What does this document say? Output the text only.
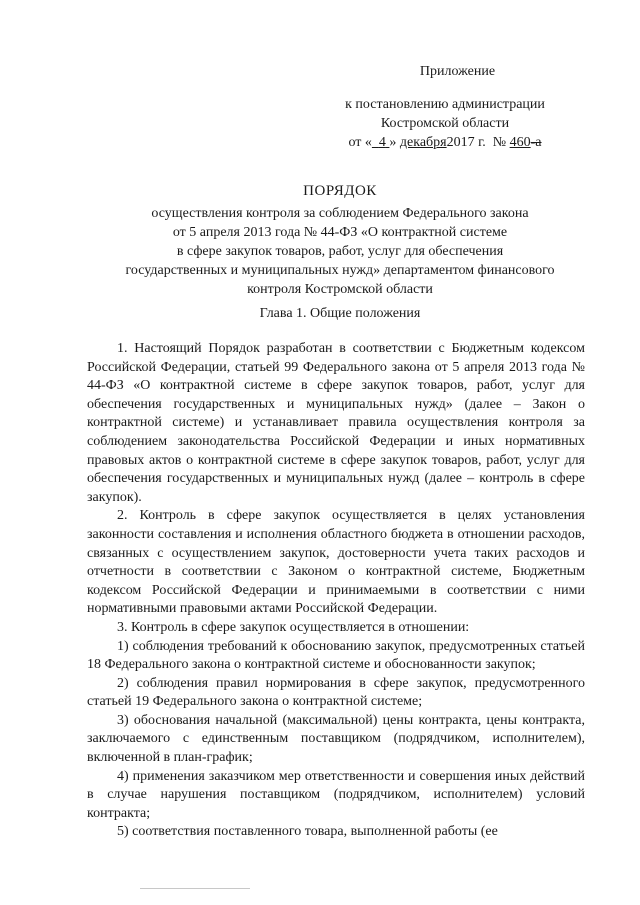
Приложение
к постановлению администрации
Костромской области
от « 4 » декабря2017 г. № 460-а
ПОРЯДОК
осуществления контроля за соблюдением Федерального закона
от 5 апреля 2013 года № 44-ФЗ «О контрактной системе
в сфере закупок товаров, работ, услуг для обеспечения
государственных и муниципальных нужд» департаментом финансового
контроля Костромской области
Глава 1. Общие положения

1. Настоящий Порядок разработан в соответствии с Бюджетным кодексом Российской Федерации, статьей 99 Федерального закона от 5 апреля 2013 года № 44-ФЗ «О контрактной системе в сфере закупок товаров, работ, услуг для обеспечения государственных и муниципальных нужд» (далее – Закон о контрактной системе) и устанавливает правила осуществления контроля за соблюдением законодательства Российской Федерации и иных нормативных правовых актов о контрактной системе в сфере закупок товаров, работ, услуг для обеспечения государственных и муниципальных нужд (далее – контроль в сфере закупок).

2. Контроль в сфере закупок осуществляется в целях установления законности составления и исполнения областного бюджета в отношении расходов, связанных с осуществлением закупок, достоверности учета таких расходов и отчетности в соответствии с Законом о контрактной системе, Бюджетным кодексом Российской Федерации и принимаемыми в соответствии с ними нормативными правовыми актами Российской Федерации.

3. Контроль в сфере закупок осуществляется в отношении:

1) соблюдения требований к обоснованию закупок, предусмотренных статьей 18 Федерального закона о контрактной системе и обоснованности закупок;

2) соблюдения правил нормирования в сфере закупок, предусмотренного статьей 19 Федерального закона о контрактной системе;

3) обоснования начальной (максимальной) цены контракта, цены контракта, заключаемого с единственным поставщиком (подрядчиком, исполнителем), включенной в план-график;

4) применения заказчиком мер ответственности и совершения иных действий в случае нарушения поставщиком (подрядчиком, исполнителем) условий контракта;

5) соответствия поставленного товара, выполненной работы (ее
